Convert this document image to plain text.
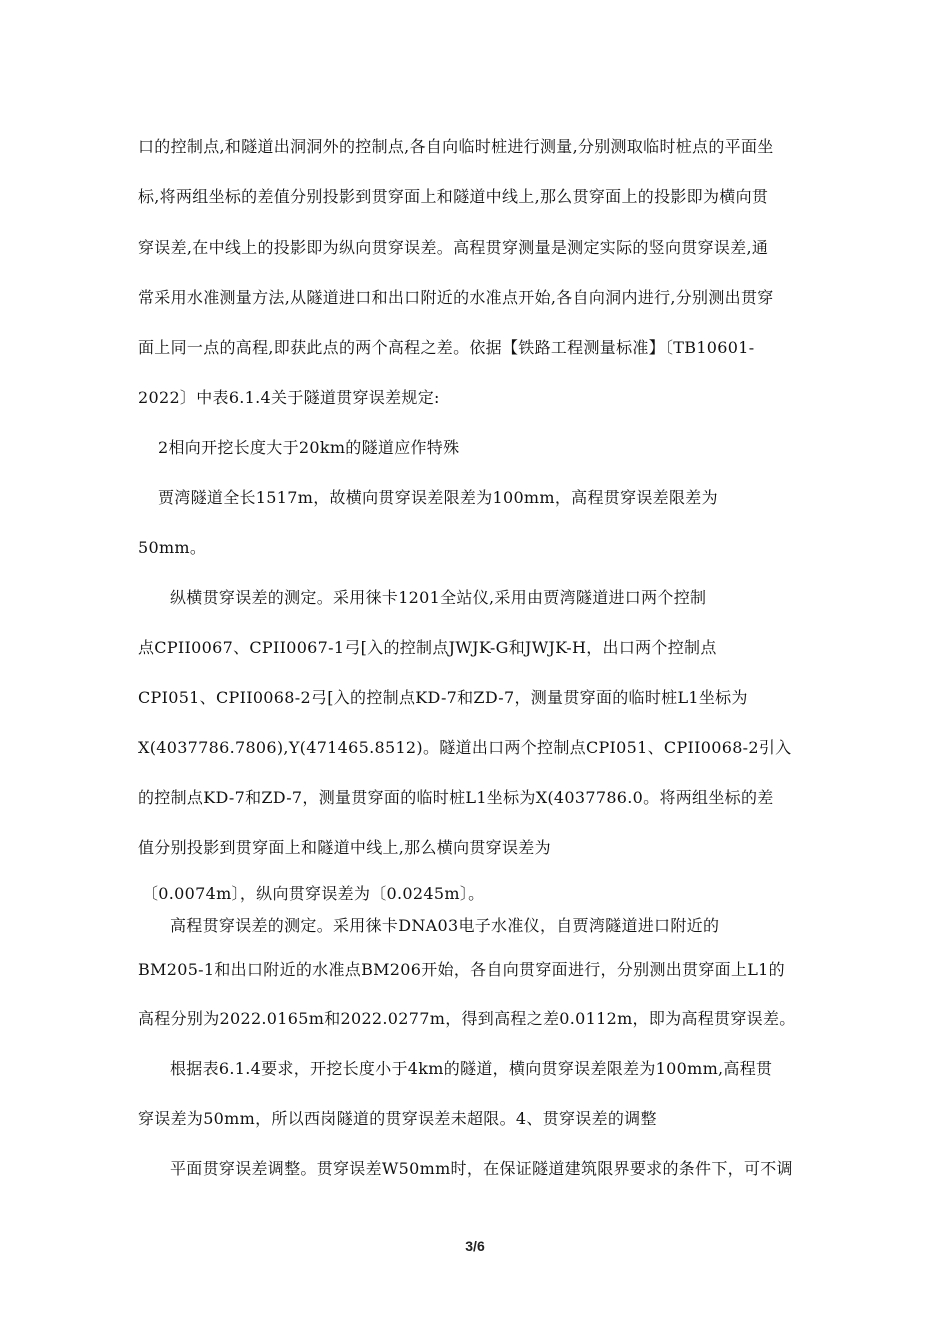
口的控制点,和隧道出洞洞外的控制点,各自向临时桩进行测量,分别测取临时桩点的平面坐
标,将两组坐标的差值分别投影到贯穿面上和隧道中线上,那么贯穿面上的投影即为横向贯
穿误差,在中线上的投影即为纵向贯穿误差。高程贯穿测量是测定实际的竖向贯穿误差,通
常采用水准测量方法,从隧道进口和出口附近的水准点开始,各自向洞内进行,分别测出贯穿
面上同一点的高程,即获此点的两个高程之差。依据【铁路工程测量标准】〔TB10601-
2022〕中表6.1.4关于隧道贯穿误差规定:
2相向开挖长度大于20km的隧道应作特殊
贾湾隧道全长1517m，故横向贯穿误差限差为100mm，高程贯穿误差限差为
50mm。
纵横贯穿误差的测定。采用徕卡1201全站仪,采用由贾湾隧道进口两个控制
点CPII0067、CPII0067-1弓[入的控制点JWJK-G和JWJK-H，出口两个控制点
CPI051、CPII0068-2弓[入的控制点KD-7和ZD-7，测量贯穿面的临时桩L1坐标为
X(4037786.7806),Y(471465.8512)。隧道出口两个控制点CPI051、CPII0068-2引入
的控制点KD-7和ZD-7，测量贯穿面的临时桩L1坐标为X(4037786.0。将两组坐标的差
值分别投影到贯穿面上和隧道中线上,那么横向贯穿误差为
〔0.0074m〕，纵向贯穿误差为〔0.0245m〕。
高程贯穿误差的测定。采用徕卡DNA03电子水准仪，自贾湾隧道进口附近的
BM205-1和出口附近的水准点BM206开始，各自向贯穿面进行，分别测出贯穿面上L1的
高程分别为2022.0165m和2022.0277m，得到高程之差0.0112m，即为高程贯穿误差。
根据表6.1.4要求，开挖长度小于4km的隧道，横向贯穿误差限差为100mm,高程贯
穿误差为50mm，所以西岗隧道的贯穿误差未超限。4、贯穿误差的调整
平面贯穿误差调整。贯穿误差W50mm时，在保证隧道建筑限界要求的条件下，可不调
3/6
